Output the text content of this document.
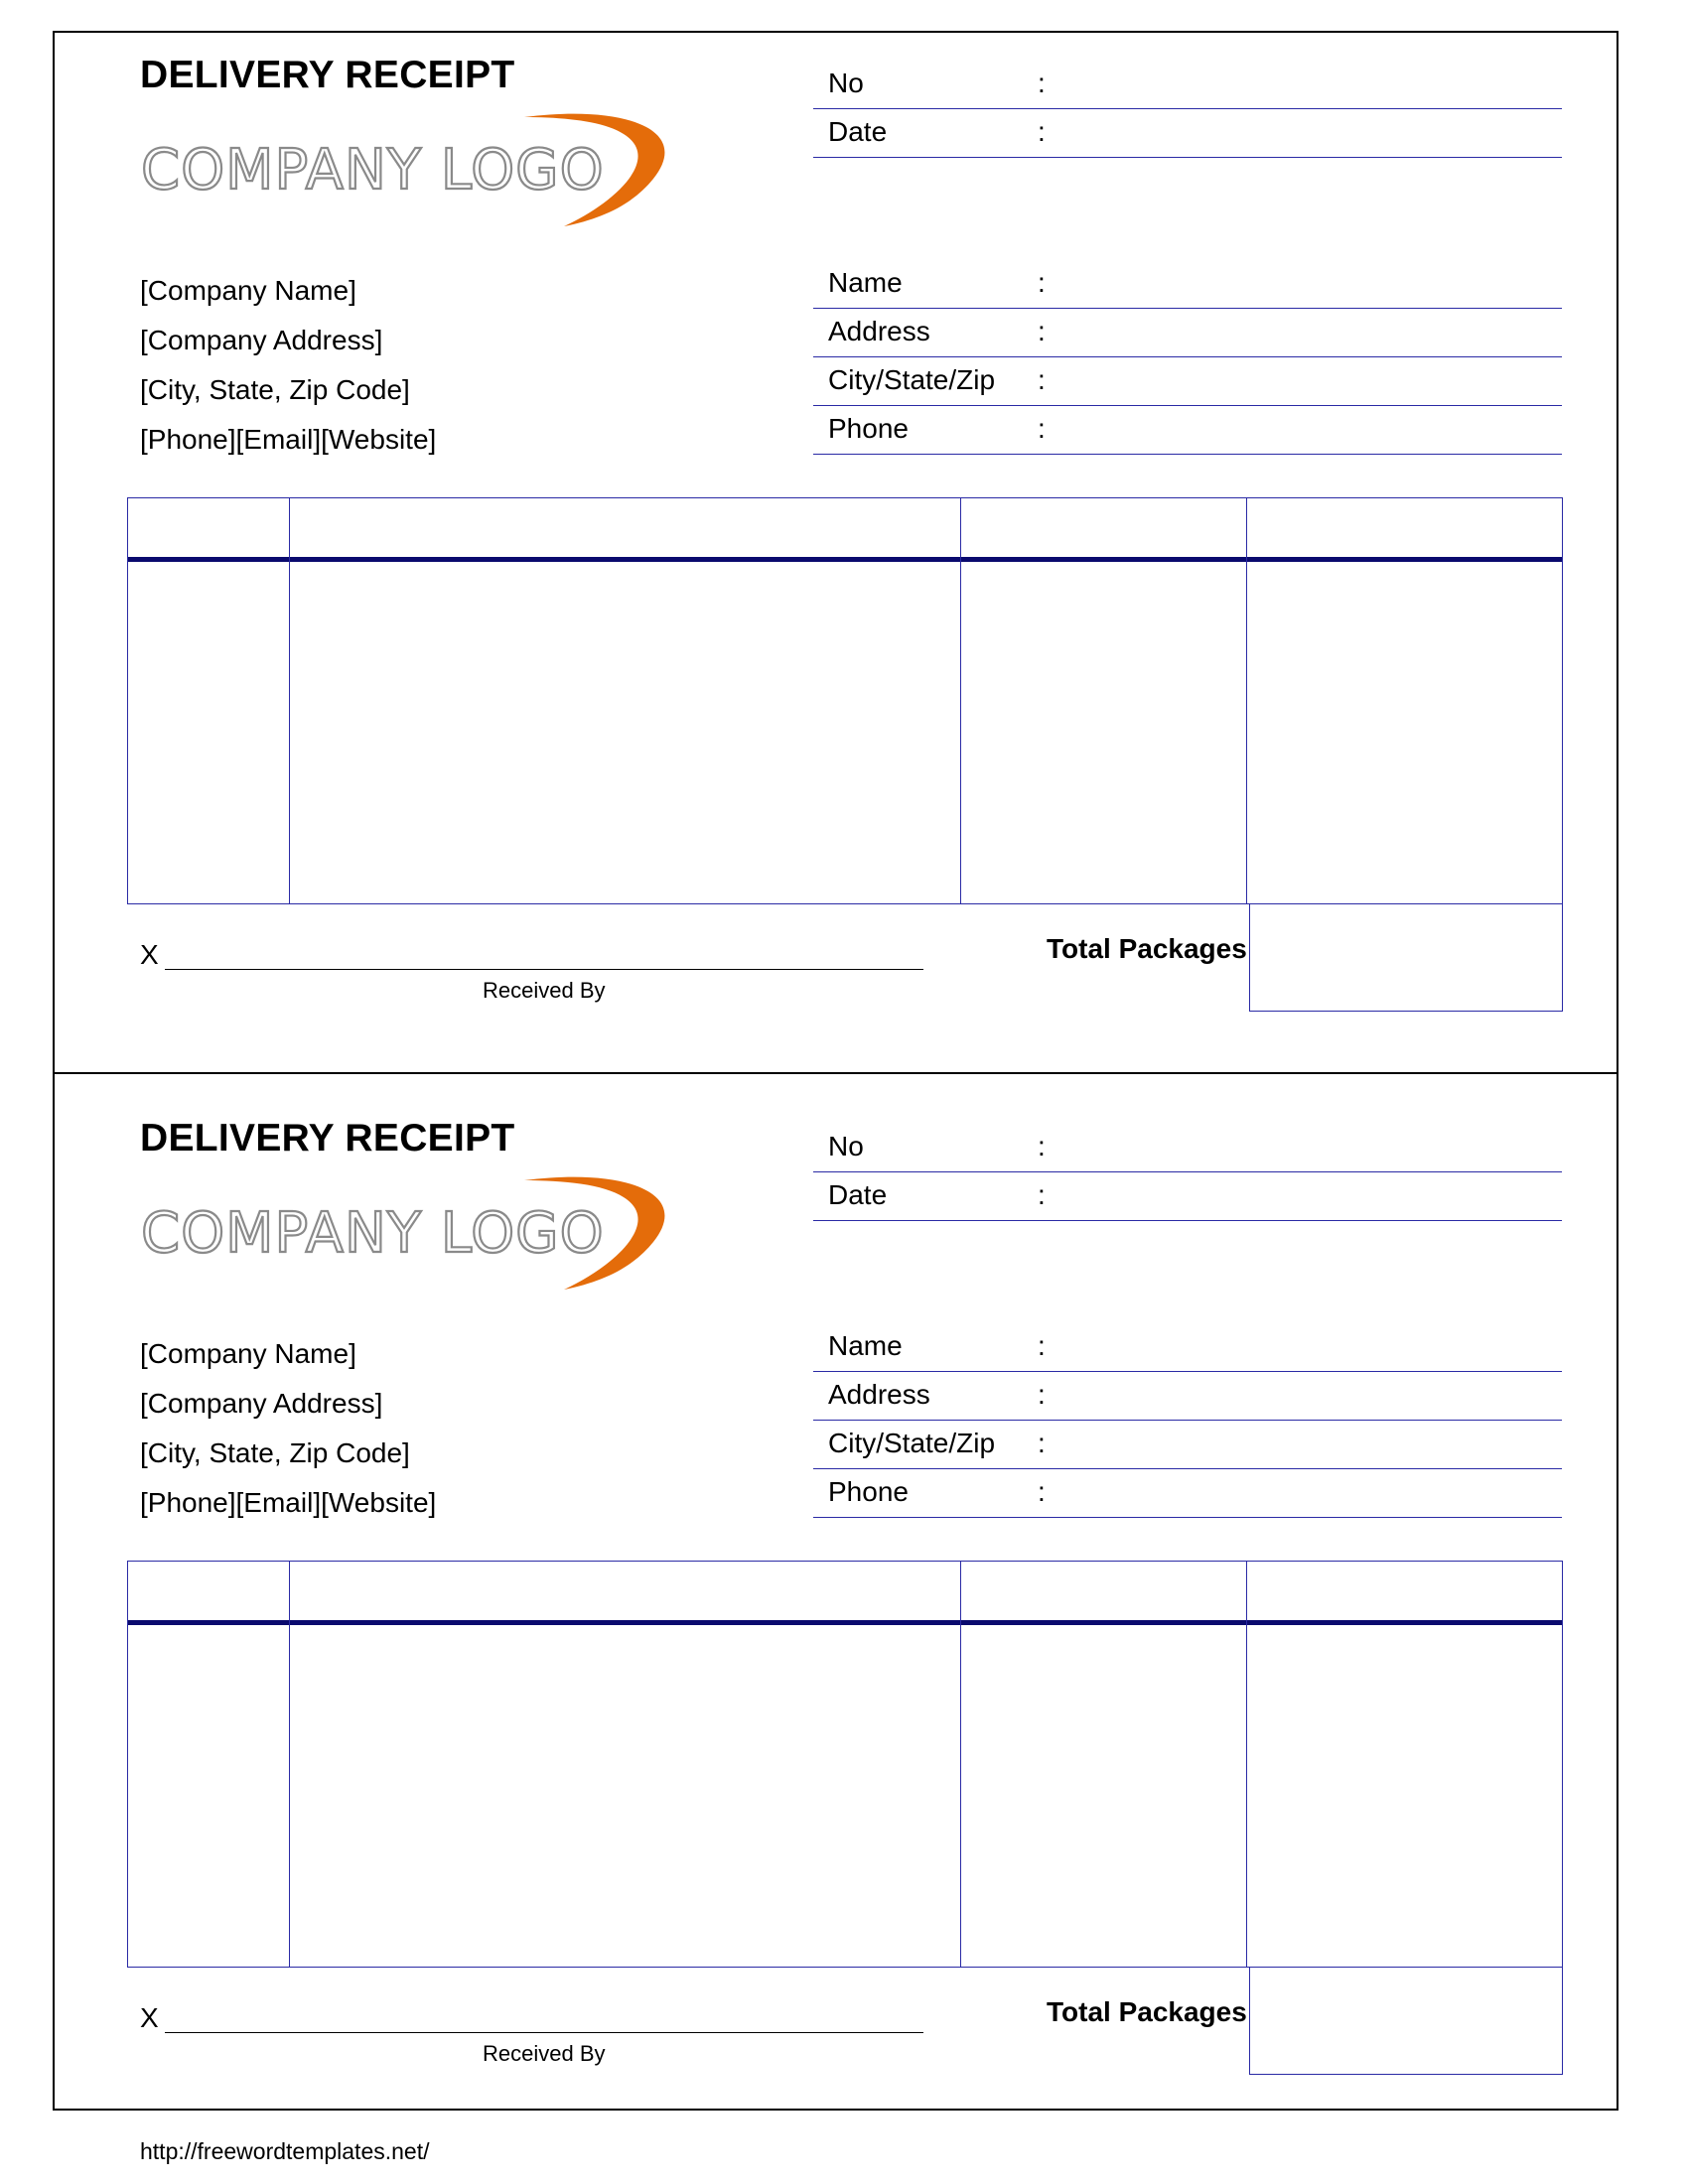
DELIVERY RECEIPT
COMPANY LOGO
[Company Name]
[Company Address]
[City, State, Zip Code]
[Phone][Email][Website]
No	:
Date	:
Name	:
Address	:
City/State/Zip :
Phone	:
Total Packages
X
Received By
DELIVERY RECEIPT
COMPANY LOGO
[Company Name]
[Company Address]
[City, State, Zip Code]
[Phone][Email][Website]
No	:
Date	:
Name	:
Address	:
City/State/Zip :
Phone	:
Total Packages
X
Received By
http://freewordtemplates.net/
